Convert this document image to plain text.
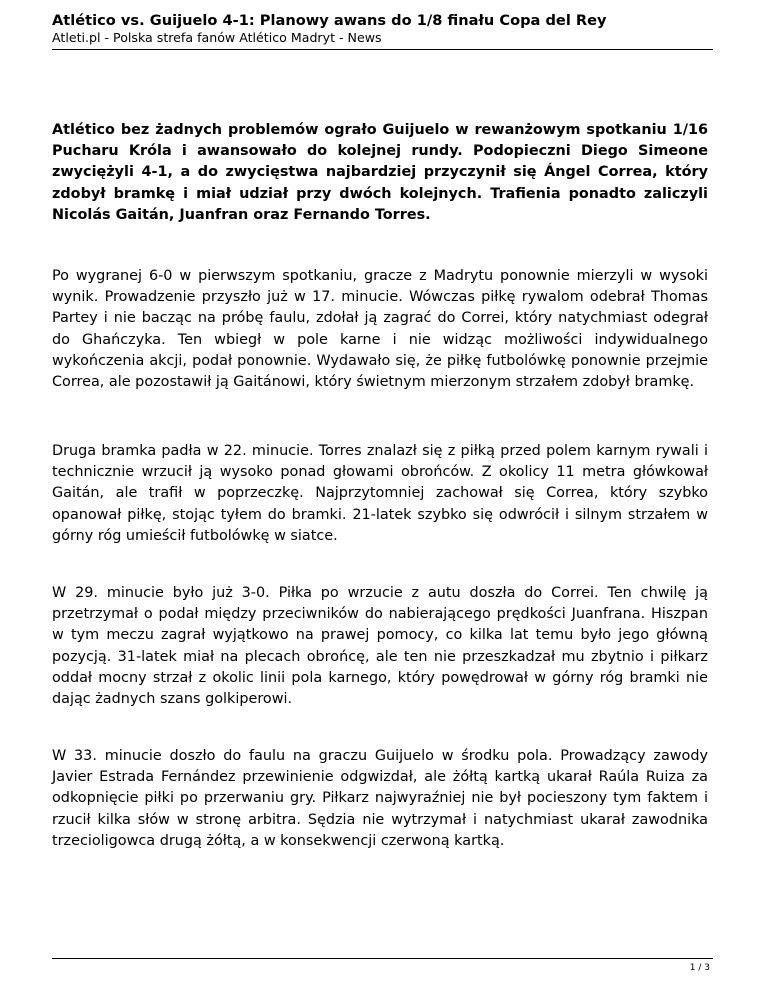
Atlético vs. Guijuelo 4-1: Planowy awans do 1/8 finału Copa del Rey
Atleti.pl - Polska strefa fanów Atlético Madryt - News

Atlético bez żadnych problemów ograło Guijuelo w rewanżowym spotkaniu 1/16 Pucharu Króla i awansowało do kolejnej rundy. Podopieczni Diego Simeone zwyciężyli 4-1, a do zwycięstwa najbardziej przyczynił się Ángel Correa, który zdobył bramkę i miał udział przy dwóch kolejnych. Trafienia ponadto zaliczyli Nicolás Gaitán, Juanfran oraz Fernando Torres.

Po wygranej 6-0 w pierwszym spotkaniu, gracze z Madrytu ponownie mierzyli w wysoki wynik. Prowadzenie przyszło już w 17. minucie. Wówczas piłkę rywalom odebrał Thomas Partey i nie bacząc na próbę faulu, zdołał ją zagrać do Correi, który natychmiast odegrał do Ghańczyka. Ten wbiegł w pole karne i nie widząc możliwości indywidualnego wykończenia akcji, podał ponownie. Wydawało się, że piłkę futbolówkę ponownie przejmie Correa, ale pozostawił ją Gaitánowi, który świetnym mierzonym strzałem zdobył bramkę.

Druga bramka padła w 22. minucie. Torres znalazł się z piłką przed polem karnym rywali i technicznie wrzucił ją wysoko ponad głowami obrońców. Z okolicy 11 metra główkował Gaitán, ale trafił w poprzeczkę. Najprzytomniej zachował się Correa, który szybko opanował piłkę, stojąc tyłem do bramki. 21-latek szybko się odwrócił i silnym strzałem w górny róg umieścił futbolówkę w siatce.

W 29. minucie było już 3-0. Piłka po wrzucie z autu doszła do Correi. Ten chwilę ją przetrzymał o podał między przeciwników do nabierającego prędkości Juanfrana. Hiszpan w tym meczu zagrał wyjątkowo na prawej pomocy, co kilka lat temu było jego główną pozycją. 31-latek miał na plecach obrońcę, ale ten nie przeszkadzał mu zbytnio i piłkarz oddał mocny strzał z okolic linii pola karnego, który powędrował w górny róg bramki nie dając żadnych szans golkiperowi.

W 33. minucie doszło do faulu na graczu Guijuelo w środku pola. Prowadzący zawody Javier Estrada Fernández przewinienie odgwizdał, ale żółtą kartką ukarał Raúla Ruiza za odkopnięcie piłki po przerwaniu gry. Piłkarz najwyraźniej nie był pocieszony tym faktem i rzucił kilka słów w stronę arbitra. Sędzia nie wytrzymał i natychmiast ukarał zawodnika trzecioligowca drugą żółtą, a w konsekwencji czerwoną kartką.

1 / 3
